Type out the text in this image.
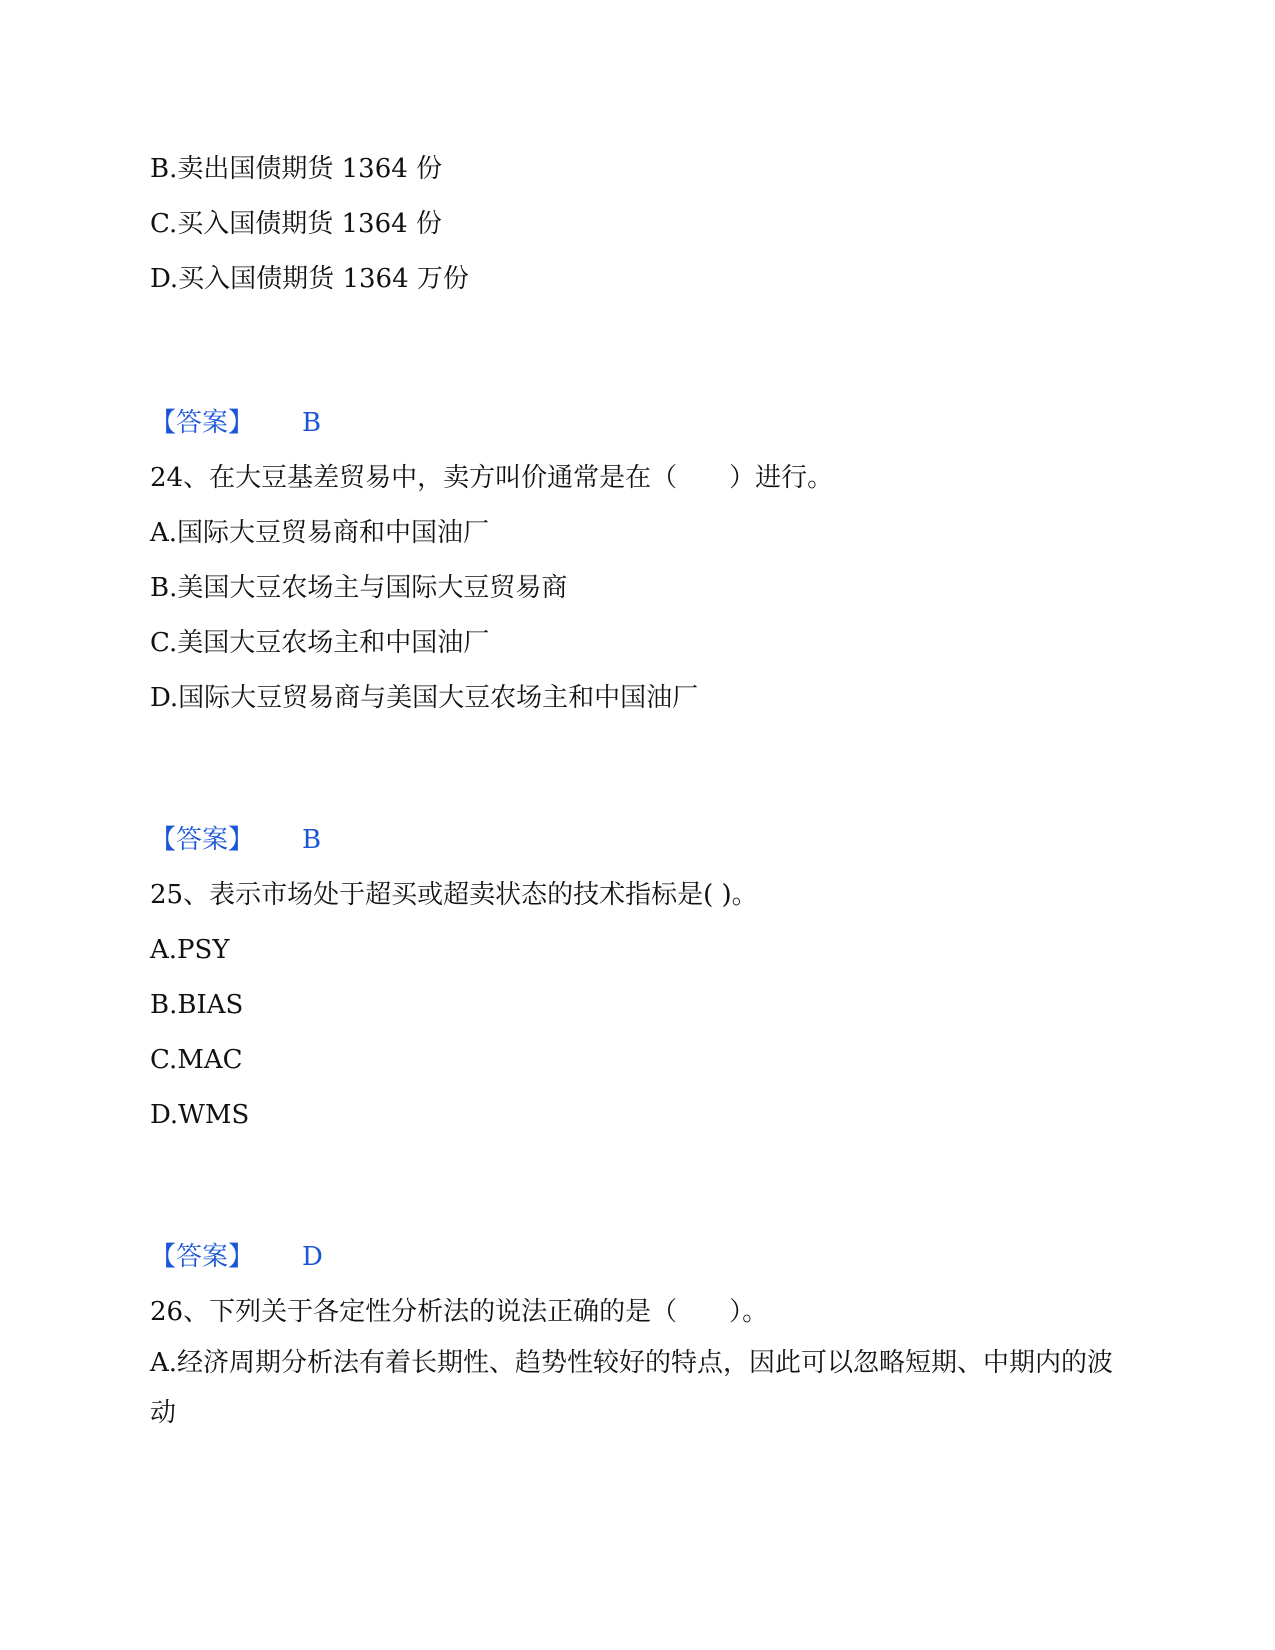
B.卖出国债期货 1364 份
C.买入国债期货 1364 份
D.买入国债期货 1364 万份
【答案】 B
24、在大豆基差贸易中，卖方叫价通常是在（　　）进行。
A.国际大豆贸易商和中国油厂
B.美国大豆农场主与国际大豆贸易商
C.美国大豆农场主和中国油厂
D.国际大豆贸易商与美国大豆农场主和中国油厂
【答案】 B
25、表示市场处于超买或超卖状态的技术指标是( )。
A.PSY
B.BIAS
C.MAC
D.WMS
【答案】 D
26、下列关于各定性分析法的说法正确的是（　　）。
A.经济周期分析法有着长期性、趋势性较好的特点，因此可以忽略短期、中期内的波动
